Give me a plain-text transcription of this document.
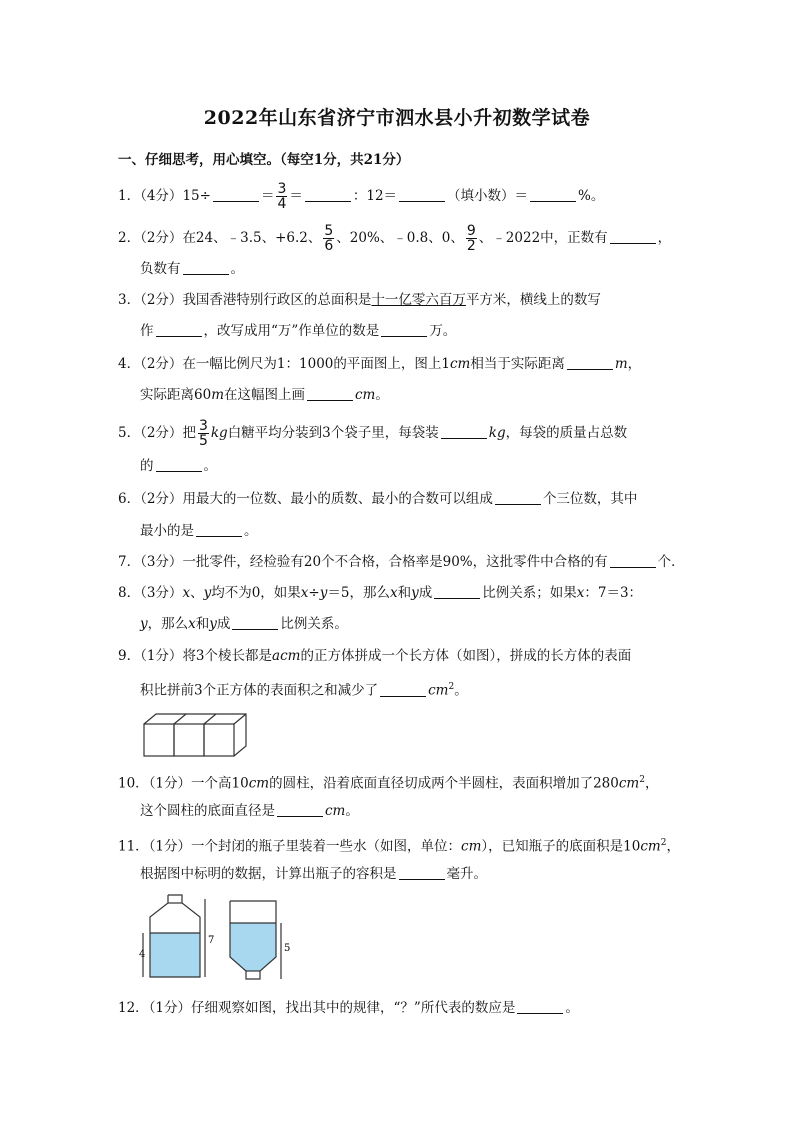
2022年山东省济宁市泗水县小升初数学试卷
一、仔细思考，用心填空。（每空1分，共21分）
1．（4分）15÷	＝ $\frac{3}{4}$ ＝	：12＝	（填小数）＝	%。
2．（2分）在24、﹣3.5、+6.2、 $\frac{5}{6}$ 、20%、﹣0.8、0、 $\frac{9}{2}$ 、﹣2022中，正数有	，
负数有	。
3．（2分）我国香港特别行政区的总面积是十一亿零六百万平方米，横线上的数写
作	，改写成用“万”作单位的数是	万。
4．（2分）在一幅比例尺为1：1000的平面图上，图上1cm相当于实际距离	m，
实际距离60m在这幅图上画	cm。
5．（2分）把 $\frac{3}{5}$ kg白糖平均分装到3个袋子里，每袋装	kg，每袋的质量占总数
的	。
6．（2分）用最大的一位数、最小的质数、最小的合数可以组成	个三位数，其中
最小的是	。
7．（3分）一批零件，经检验有20个不合格，合格率是90%，这批零件中合格的有	个．
8．（3分）x、y均不为0，如果x÷y＝5，那么x和y成	比例关系；如果x：7＝3：
y，那么x和y成	比例关系。
9．（1分）将3个棱长都是acm的正方体拼成一个长方体（如图），拼成的长方体的表面
积比拼前3个正方体的表面积之和减少了	$cm^2$。
10．（1分）一个高10cm的圆柱，沿着底面直径切成两个半圆柱，表面积增加了$280cm^2$，
这个圆柱的底面直径是	cm。
11．（1分）一个封闭的瓶子里装着一些水（如图，单位：cm），已知瓶子的底面积是$10cm^2$，
根据图中标明的数据，计算出瓶子的容积是	毫升。
4
7
5
12．（1分）仔细观察如图，找出其中的规律，“？”所代表的数应是	。
